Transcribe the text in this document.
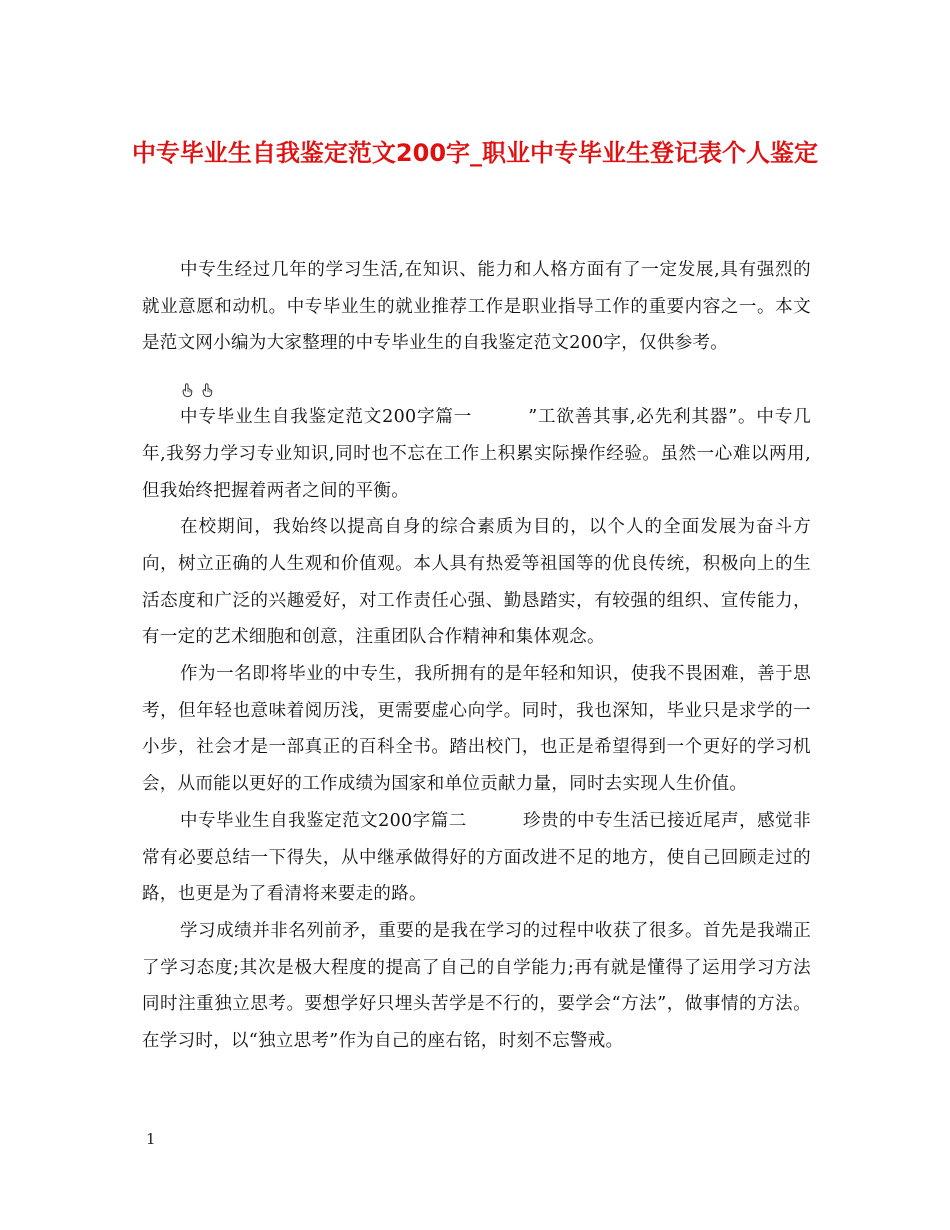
中专毕业生自我鉴定范文200字_职业中专毕业生登记表个人鉴定

中专生经过几年的学习生活,在知识、能力和人格方面有了一定发展,具有强烈的就业意愿和动机。中专毕业生的就业推荐工作是职业指导工作的重要内容之一。本文是范文网小编为大家整理的中专毕业生的自我鉴定范文200字，仅供参考。

中专毕业生自我鉴定范文200字篇一	”工欲善其事,必先利其器”。中专几年,我努力学习专业知识,同时也不忘在工作上积累实际操作经验。虽然一心难以两用,但我始终把握着两者之间的平衡。

在校期间，我始终以提高自身的综合素质为目的，以个人的全面发展为奋斗方向，树立正确的人生观和价值观。本人具有热爱等祖国等的优良传统，积极向上的生活态度和广泛的兴趣爱好，对工作责任心强、勤恳踏实，有较强的组织、宣传能力，有一定的艺术细胞和创意，注重团队合作精神和集体观念。

作为一名即将毕业的中专生，我所拥有的是年轻和知识，使我不畏困难，善于思考，但年轻也意味着阅历浅，更需要虚心向学。同时，我也深知，毕业只是求学的一小步，社会才是一部真正的百科全书。踏出校门，也正是希望得到一个更好的学习机会，从而能以更好的工作成绩为国家和单位贡献力量，同时去实现人生价值。

中专毕业生自我鉴定范文200字篇二	珍贵的中专生活已接近尾声，感觉非常有必要总结一下得失，从中继承做得好的方面改进不足的地方，使自己回顾走过的路，也更是为了看清将来要走的路。

学习成绩并非名列前矛，重要的是我在学习的过程中收获了很多。首先是我端正了学习态度;其次是极大程度的提高了自己的自学能力;再有就是懂得了运用学习方法同时注重独立思考。要想学好只埋头苦学是不行的，要学会“方法”，做事情的方法。在学习时，以“独立思考”作为自己的座右铭，时刻不忘警戒。

1
